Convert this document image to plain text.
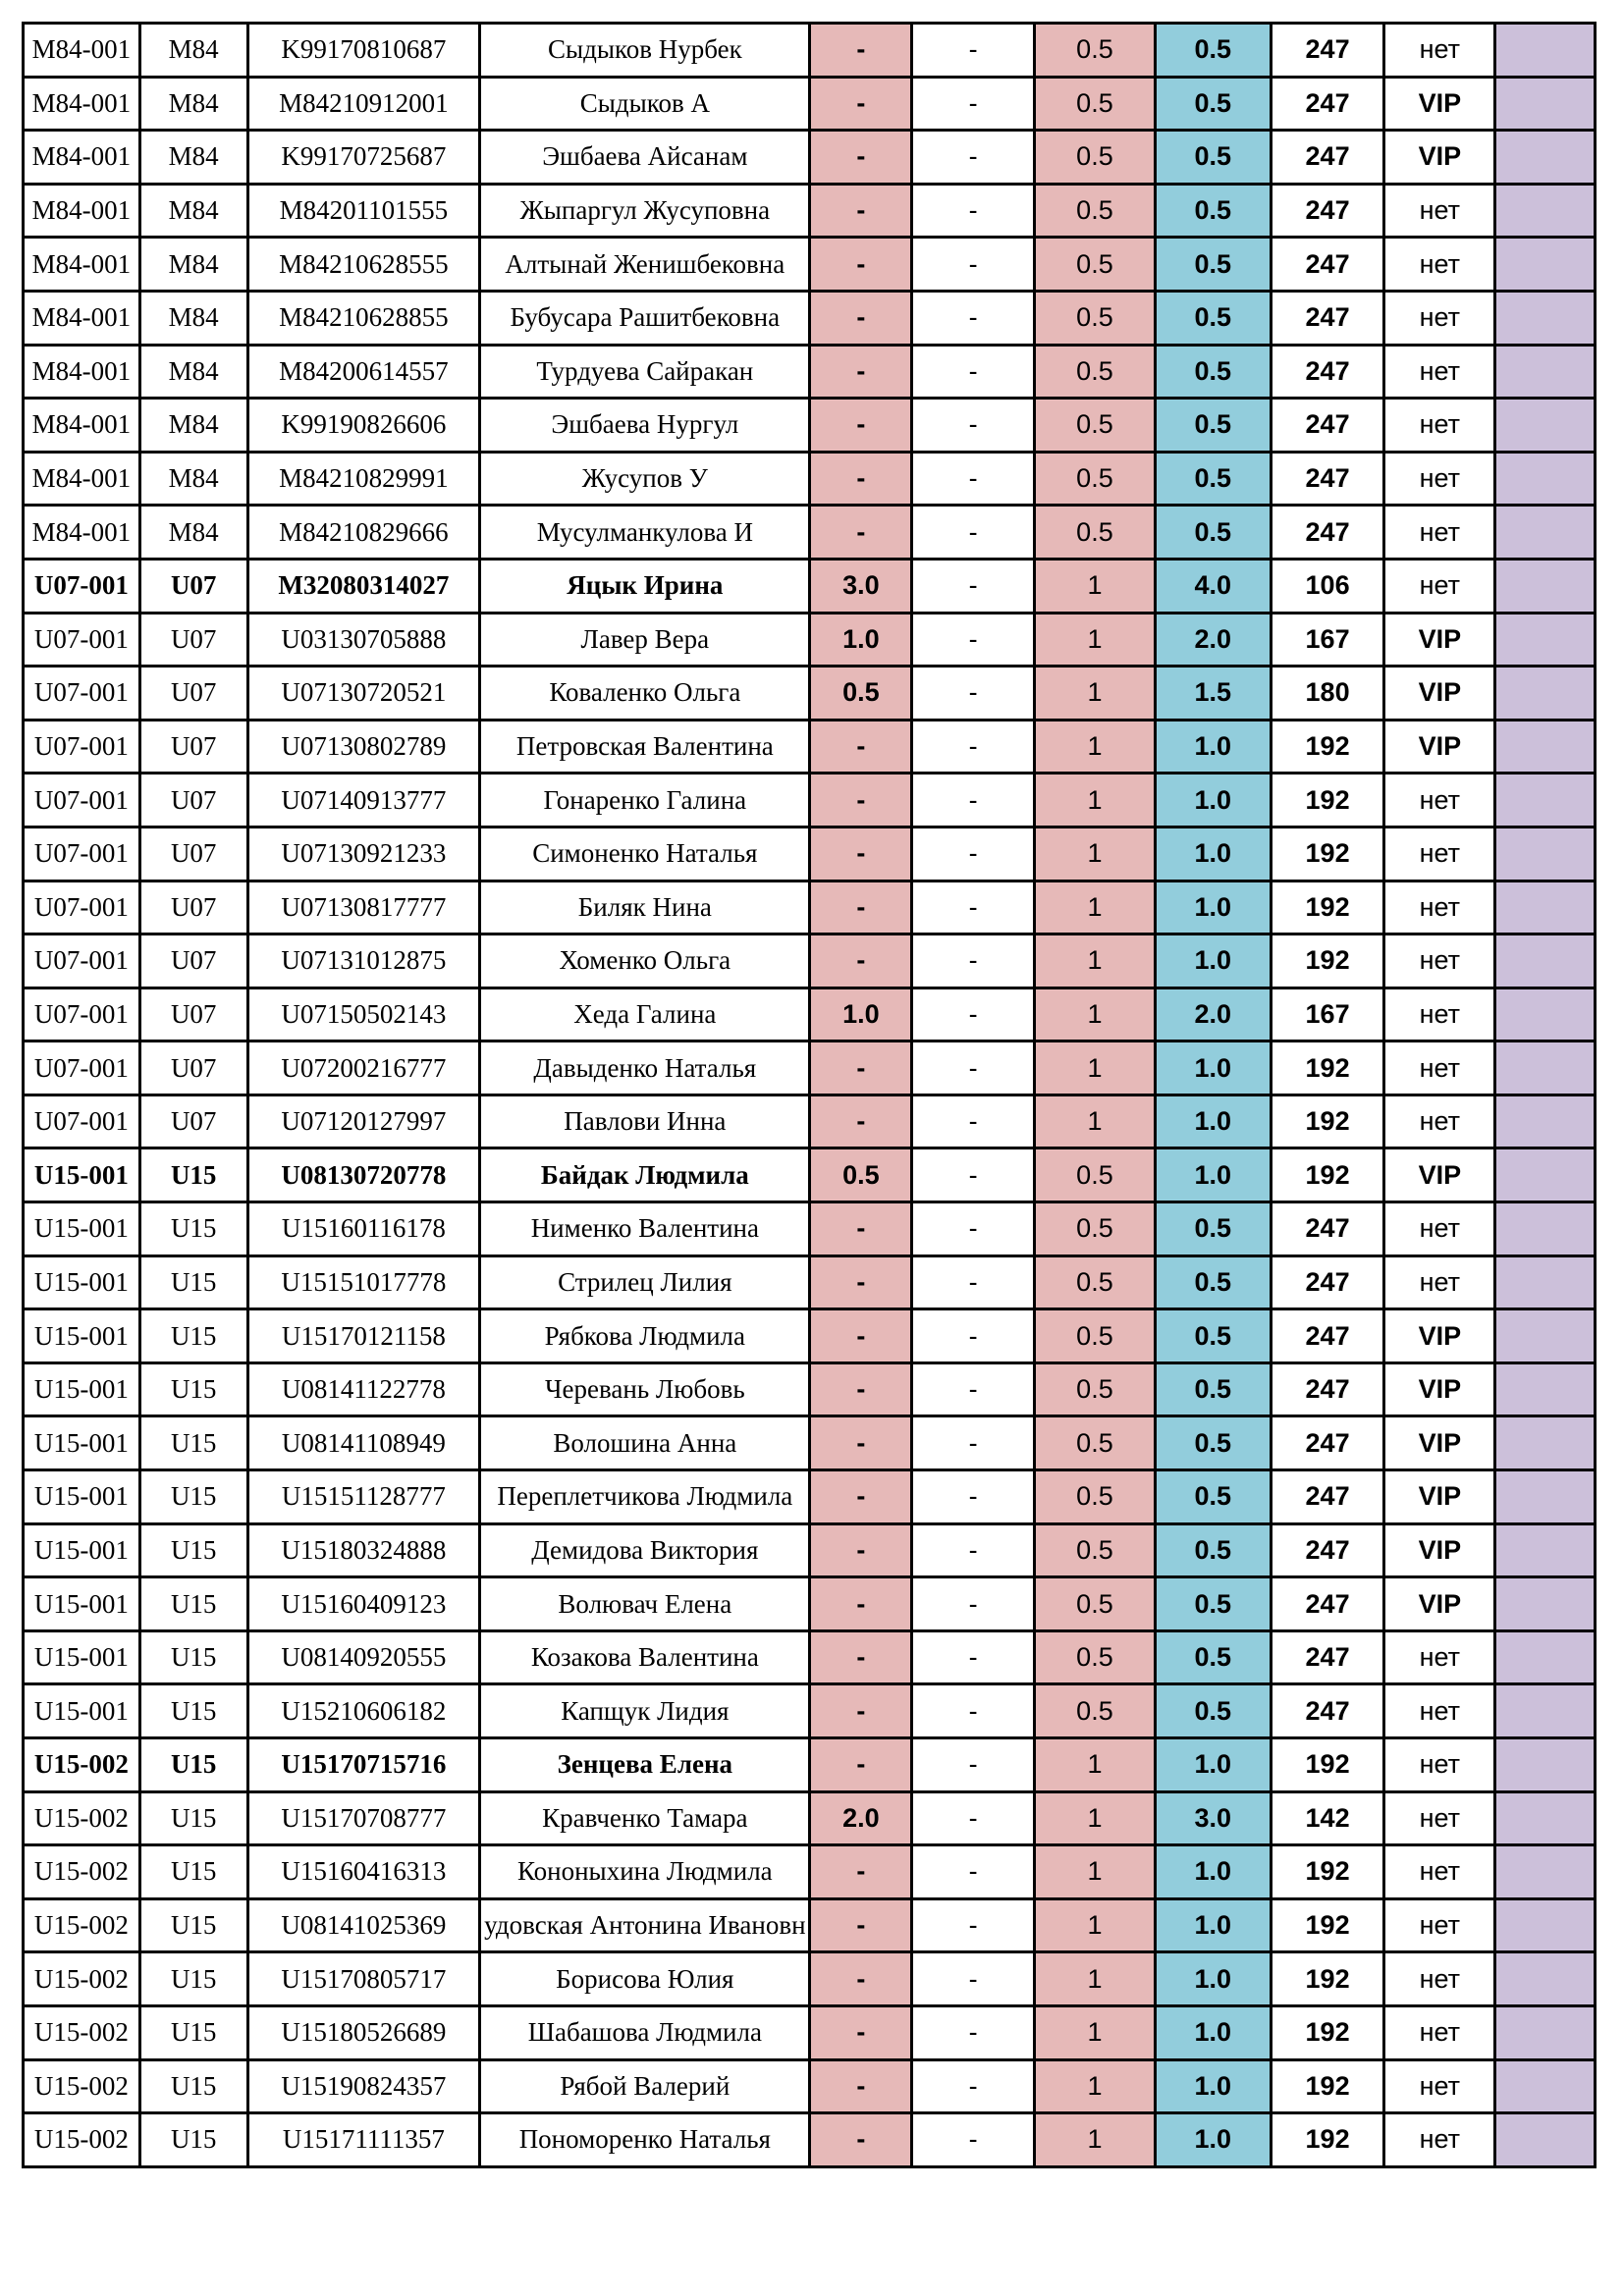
M84-001	M84	K99170810687	Сыдыков Нурбек	-	-	0.5	0.5	247	нет	
M84-001	M84	M84210912001	Сыдыков А	-	-	0.5	0.5	247	VIP	
M84-001	M84	K99170725687	Эшбаева Айсанам	-	-	0.5	0.5	247	VIP	
M84-001	M84	M84201101555	Жыпаргул Жусуповна	-	-	0.5	0.5	247	нет	
M84-001	M84	M84210628555	Алтынай Женишбековна	-	-	0.5	0.5	247	нет	
M84-001	M84	M84210628855	Бубусара Рашитбековна	-	-	0.5	0.5	247	нет	
M84-001	M84	M84200614557	Турдуева Сайракан	-	-	0.5	0.5	247	нет	
M84-001	M84	K99190826606	Эшбаева Нургул	-	-	0.5	0.5	247	нет	
M84-001	M84	M84210829991	Жусупов У	-	-	0.5	0.5	247	нет	
M84-001	M84	M84210829666	Мусулманкулова И	-	-	0.5	0.5	247	нет	
U07-001	U07	M32080314027	Яцык Ирина	3.0	-	1	4.0	106	нет	
U07-001	U07	U03130705888	Лавер Вера	1.0	-	1	2.0	167	VIP	
U07-001	U07	U07130720521	Коваленко Ольга	0.5	-	1	1.5	180	VIP	
U07-001	U07	U07130802789	Петровская Валентина	-	-	1	1.0	192	VIP	
U07-001	U07	U07140913777	Гонаренко Галина	-	-	1	1.0	192	нет	
U07-001	U07	U07130921233	Симоненко Наталья	-	-	1	1.0	192	нет	
U07-001	U07	U07130817777	Биляк Нина	-	-	1	1.0	192	нет	
U07-001	U07	U07131012875	Хоменко Ольга	-	-	1	1.0	192	нет	
U07-001	U07	U07150502143	Хеда Галина	1.0	-	1	2.0	167	нет	
U07-001	U07	U07200216777	Давыденко Наталья	-	-	1	1.0	192	нет	
U07-001	U07	U07120127997	Павлови Инна	-	-	1	1.0	192	нет	
U15-001	U15	U08130720778	Байдак Людмила	0.5	-	0.5	1.0	192	VIP	
U15-001	U15	U15160116178	Нименко Валентина	-	-	0.5	0.5	247	нет	
U15-001	U15	U15151017778	Стрилец Лилия	-	-	0.5	0.5	247	нет	
U15-001	U15	U15170121158	Рябкова Людмила	-	-	0.5	0.5	247	VIP	
U15-001	U15	U08141122778	Черевань Любовь	-	-	0.5	0.5	247	VIP	
U15-001	U15	U08141108949	Волошина Анна	-	-	0.5	0.5	247	VIP	
U15-001	U15	U15151128777	Переплетчикова Людмила	-	-	0.5	0.5	247	VIP	
U15-001	U15	U15180324888	Демидова Виктория	-	-	0.5	0.5	247	VIP	
U15-001	U15	U15160409123	Волювач Елена	-	-	0.5	0.5	247	VIP	
U15-001	U15	U08140920555	Козакова Валентина	-	-	0.5	0.5	247	нет	
U15-001	U15	U15210606182	Капщук Лидия	-	-	0.5	0.5	247	нет	
U15-002	U15	U15170715716	Зенцева Елена	-	-	1	1.0	192	нет	
U15-002	U15	U15170708777	Кравченко Тамара	2.0	-	1	3.0	142	нет	
U15-002	U15	U15160416313	Кононыхина Людмила	-	-	1	1.0	192	нет	
U15-002	U15	U08141025369	удовская Антонина Ивановн	-	-	1	1.0	192	нет	
U15-002	U15	U15170805717	Борисова Юлия	-	-	1	1.0	192	нет	
U15-002	U15	U15180526689	Шабашова Людмила	-	-	1	1.0	192	нет	
U15-002	U15	U15190824357	Рябой Валерий	-	-	1	1.0	192	нет	
U15-002	U15	U15171111357	Пономоренко Наталья	-	-	1	1.0	192	нет	
